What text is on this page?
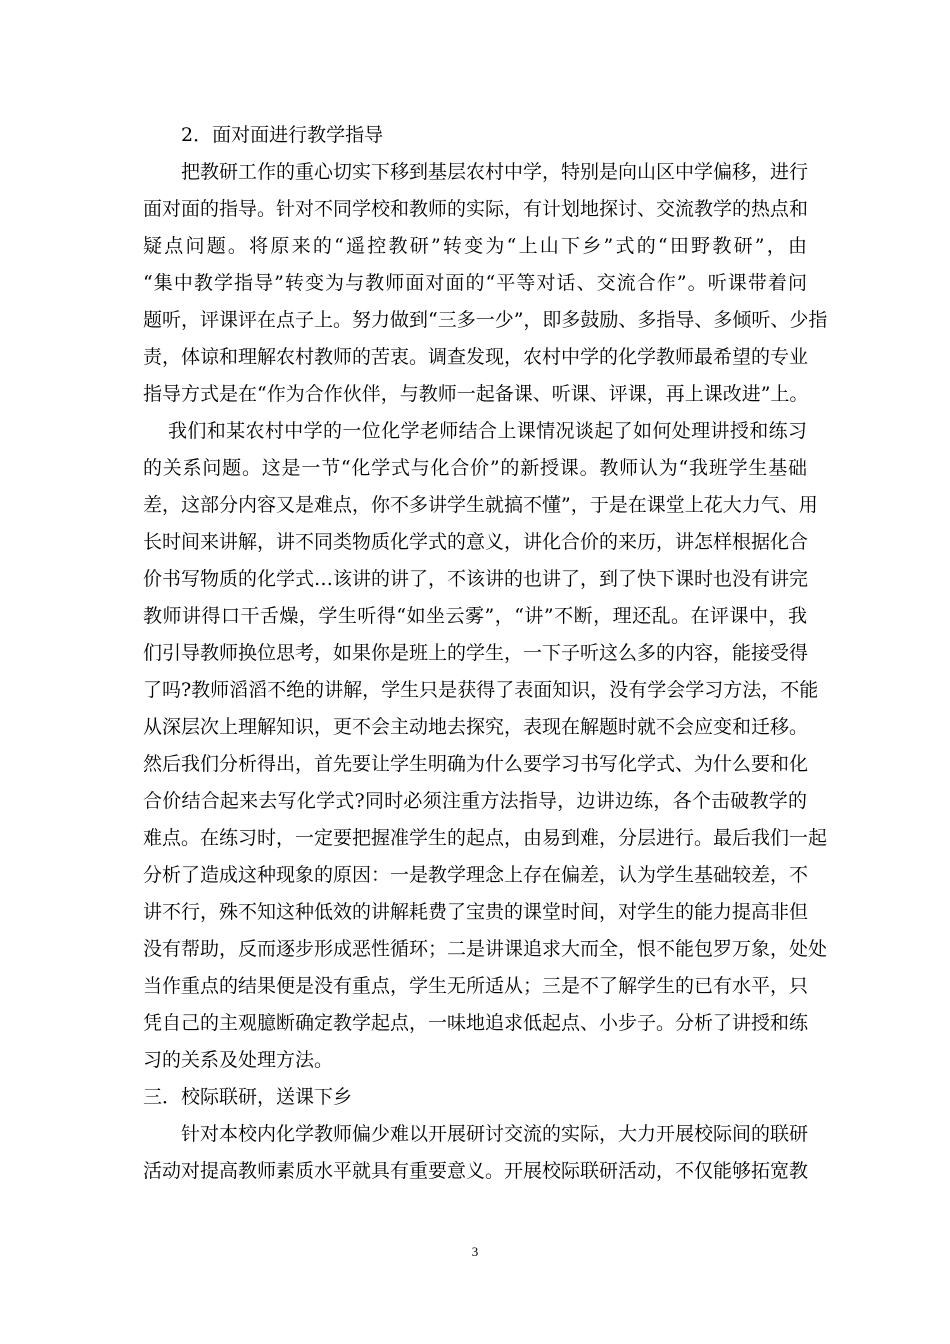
2．面对面进行教学指导
把教研工作的重心切实下移到基层农村中学，特别是向山区中学偏移，进行
面对面的指导。针对不同学校和教师的实际，有计划地探讨、交流教学的热点和
疑点问题。将原来的“遥控教研”转变为“上山下乡”式的“田野教研”，由
“集中教学指导”转变为与教师面对面的“平等对话、交流合作”。听课带着问
题听，评课评在点子上。努力做到“三多一少”，即多鼓励、多指导、多倾听、少指
责，体谅和理解农村教师的苦衷。调查发现，农村中学的化学教师最希望的专业
指导方式是在“作为合作伙伴，与教师一起备课、听课、评课，再上课改进”上。
我们和某农村中学的一位化学老师结合上课情况谈起了如何处理讲授和练习
的关系问题。这是一节“化学式与化合价”的新授课。教师认为“我班学生基础
差，这部分内容又是难点，你不多讲学生就搞不懂”，于是在课堂上花大力气、用
长时间来讲解，讲不同类物质化学式的意义，讲化合价的来历，讲怎样根据化合
价书写物质的化学式…该讲的讲了，不该讲的也讲了，到了快下课时也没有讲完
教师讲得口干舌燥，学生听得“如坐云雾”，“讲”不断，理还乱。在评课中，我
们引导教师换位思考，如果你是班上的学生，一下子听这么多的内容，能接受得
了吗?教师滔滔不绝的讲解，学生只是获得了表面知识，没有学会学习方法，不能
从深层次上理解知识，更不会主动地去探究，表现在解题时就不会应变和迁移。
然后我们分析得出，首先要让学生明确为什么要学习书写化学式、为什么要和化
合价结合起来去写化学式?同时必须注重方法指导，边讲边练，各个击破教学的
难点。在练习时，一定要把握准学生的起点，由易到难，分层进行。最后我们一起
分析了造成这种现象的原因：一是教学理念上存在偏差，认为学生基础较差，不
讲不行，殊不知这种低效的讲解耗费了宝贵的课堂时间，对学生的能力提高非但
没有帮助，反而逐步形成恶性循环；二是讲课追求大而全，恨不能包罗万象，处处
当作重点的结果便是没有重点，学生无所适从；三是不了解学生的已有水平，只
凭自己的主观臆断确定教学起点，一味地追求低起点、小步子。分析了讲授和练
习的关系及处理方法。
三．校际联研，送课下乡
针对本校内化学教师偏少难以开展研讨交流的实际，大力开展校际间的联研
活动对提高教师素质水平就具有重要意义。开展校际联研活动，不仅能够拓宽教
3
